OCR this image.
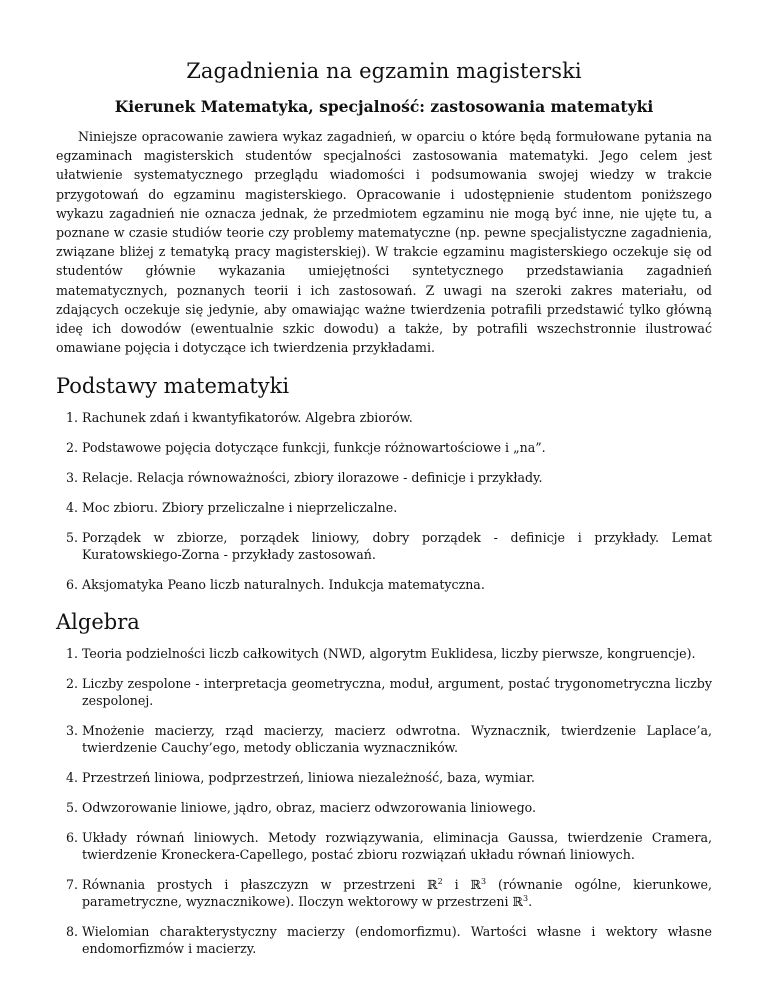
Zagadnienia na egzamin magisterski
Kierunek Matematyka, specjalność: zastosowania matematyki

Niniejsze opracowanie zawiera wykaz zagadnień, w oparciu o które będą formułowane pytania na egzaminach magisterskich studentów specjalności zastosowania matematyki. Jego celem jest ułatwienie systematycznego przeglądu wiadomości i podsumowania swojej wiedzy w trakcie przygotowań do egzaminu magisterskiego. Opracowanie i udostępnienie studentom poniższego wykazu zagadnień nie oznacza jednak, że przedmiotem egzaminu nie mogą być inne, nie ujęte tu, a poznane w czasie studiów teorie czy problemy matematyczne (np. pewne specjalistyczne zagadnienia, związane bliżej z tematyką pracy magisterskiej). W trakcie egzaminu magisterskiego oczekuje się od studentów głównie wykazania umiejętności syntetycznego przedstawiania zagadnień matematycznych, poznanych teorii i ich zastosowań. Z uwagi na szeroki zakres materiału, od zdających oczekuje się jedynie, aby omawiając ważne twierdzenia potrafili przedstawić tylko główną ideę ich dowodów (ewentualnie szkic dowodu) a także, by potrafili wszechstronnie ilustrować omawiane pojęcia i dotyczące ich twierdzenia przykładami.

Podstawy matematyki
1. Rachunek zdań i kwantyfikatorów. Algebra zbiorów.
2. Podstawowe pojęcia dotyczące funkcji, funkcje różnowartościowe i „na”.
3. Relacje. Relacja równoważności, zbiory ilorazowe - definicje i przykłady.
4. Moc zbioru. Zbiory przeliczalne i nieprzeliczalne.
5. Porządek w zbiorze, porządek liniowy, dobry porządek - definicje i przykłady. Lemat Kuratowskiego-Zorna - przykłady zastosowań.
6. Aksjomatyka Peano liczb naturalnych. Indukcja matematyczna.
Algebra
1. Teoria podzielności liczb całkowitych (NWD, algorytm Euklidesa, liczby pierwsze, kongruencje).
2. Liczby zespolone - interpretacja geometryczna, moduł, argument, postać trygonometryczna liczby zespolonej.
3. Mnożenie macierzy, rząd macierzy, macierz odwrotna. Wyznacznik, twierdzenie Laplace’a, twierdzenie Cauchy’ego, metody obliczania wyznaczników.
4. Przestrzeń liniowa, podprzestrzeń, liniowa niezależność, baza, wymiar.
5. Odwzorowanie liniowe, jądro, obraz, macierz odwzorowania liniowego.
6. Układy równań liniowych. Metody rozwiązywania, eliminacja Gaussa, twierdzenie Cramera, twierdzenie Kroneckera-Capellego, postać zbioru rozwiązań układu równań liniowych.
7. Równania prostych i płaszczyzn w przestrzeni ℝ$^2$ i ℝ$^3$ (równanie ogólne, kierunkowe, parametryczne, wyznacznikowe). Iloczyn wektorowy w przestrzeni ℝ$^3$.
8. Wielomian charakterystyczny macierzy (endomorfizmu). Wartości własne i wektory własne endomorfizmów i macierzy.
